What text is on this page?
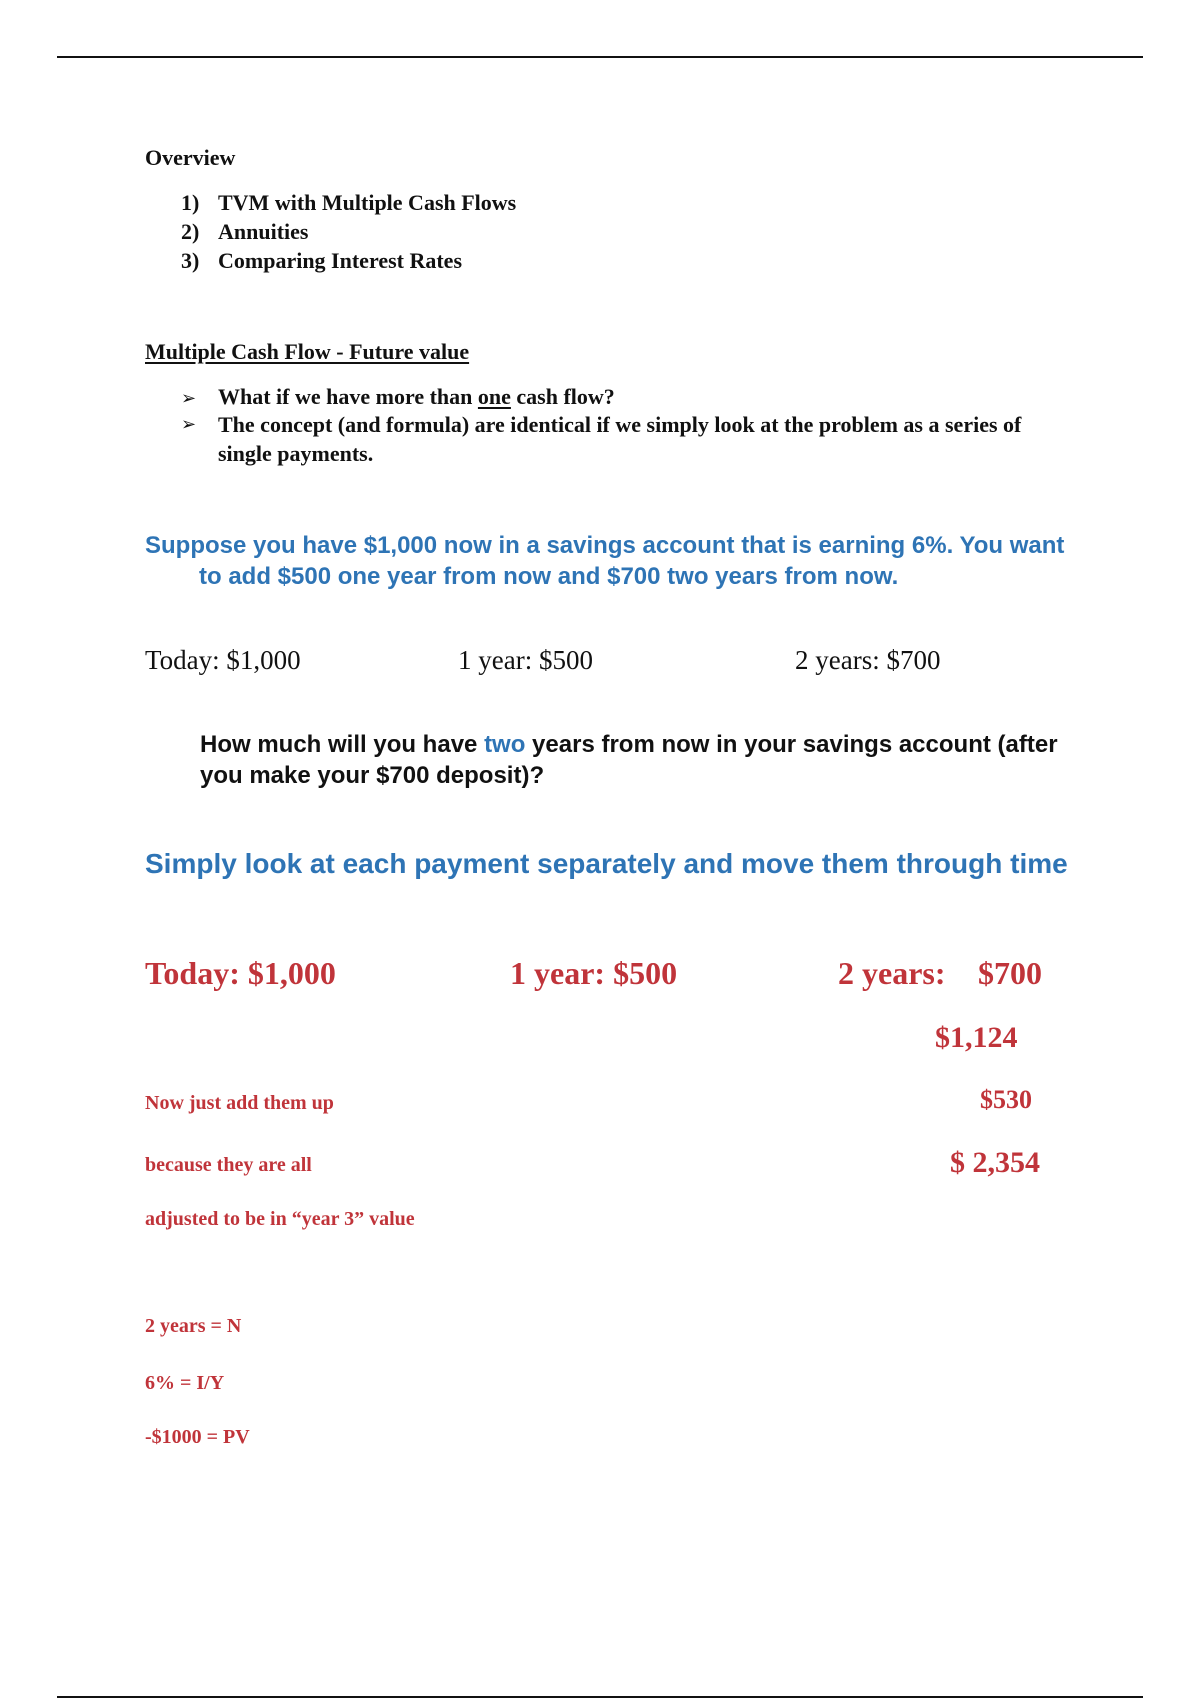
Overview
1) TVM with Multiple Cash Flows
2) Annuities
3) Comparing Interest Rates
Multiple Cash Flow - Future value
➢ What if we have more than one cash flow?
➢ The concept (and formula) are identical if we simply look at the problem as a series of single payments.
Suppose you have $1,000 now in a savings account that is earning 6%. You want
to add $500 one year from now and $700 two years from now.
Today: $1,000	1 year: $500	2 years: $700
How much will you have two years from now in your savings account (after you make your $700 deposit)?
Simply look at each payment separately and move them through time
Today: $1,000	1 year: $500	2 years: $700
$1,124
Now just add them up	$530
because they are all	$ 2,354
adjusted to be in “year 3” value
2 years = N
6% = I/Y
-$1000 = PV
